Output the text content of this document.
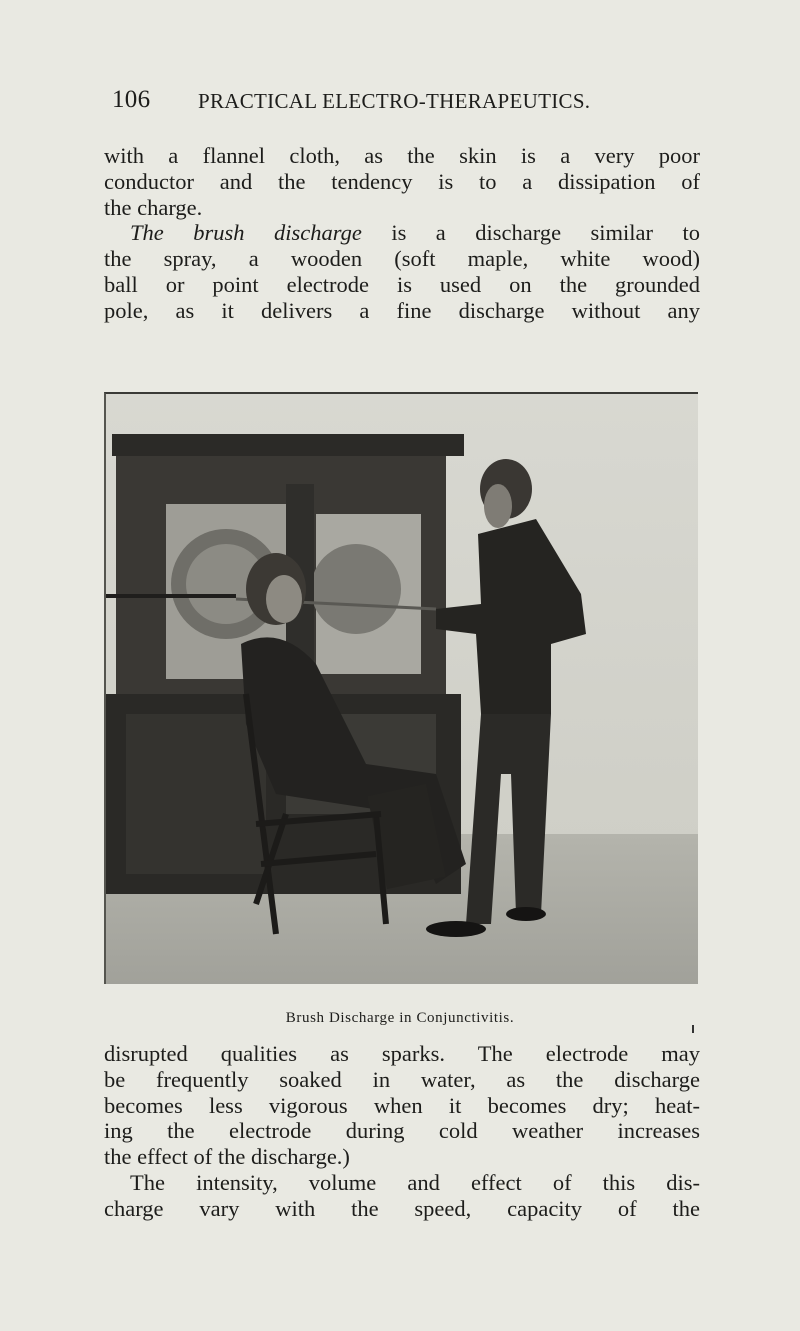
106 PRACTICAL ELECTRO-THERAPEUTICS.
with a flannel cloth, as the skin is a very poor
conductor and the tendency is to a dissipation of
the charge.
The brush discharge is a discharge similar to
the spray, a wooden (soft maple, white wood)
ball or point electrode is used on the grounded
pole, as it delivers a fine discharge without any
Brush Discharge in Conjunctivitis.
disrupted qualities as sparks. The electrode may
be frequently soaked in water, as the discharge
becomes less vigorous when it becomes dry; heat-
ing the electrode during cold weather increases
the effect of the discharge.)
The intensity, volume and effect of this dis-
charge vary with the speed, capacity of the
